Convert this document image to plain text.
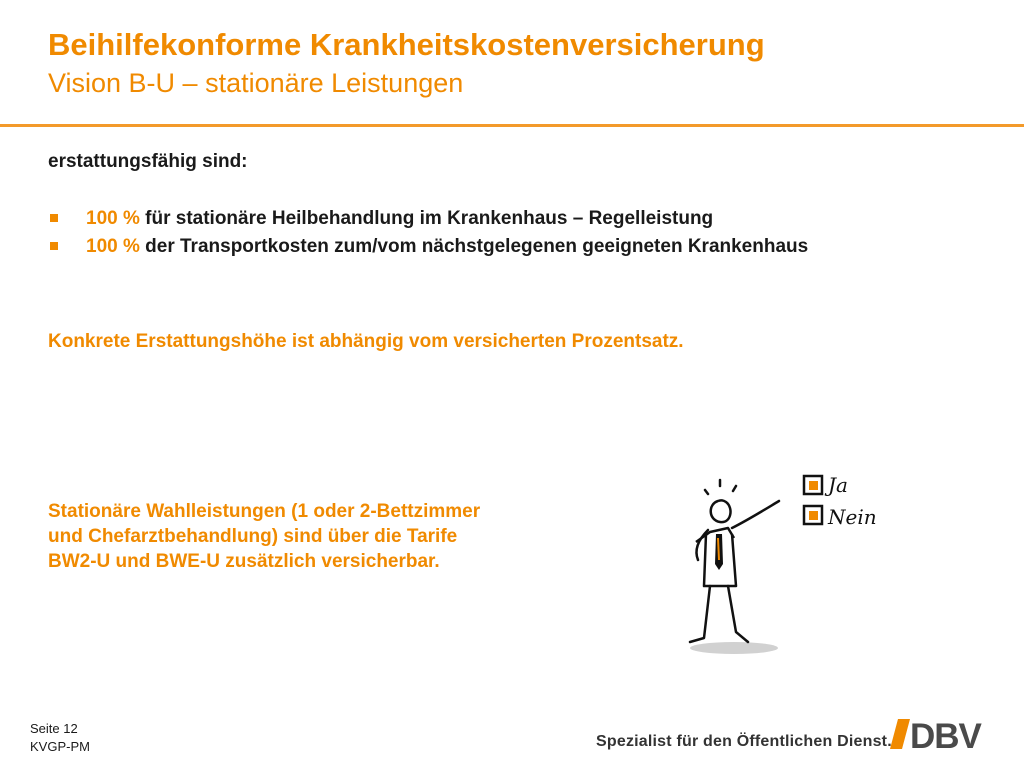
Beihilfekonforme Krankheitskostenversicherung
Vision B-U – stationäre Leistungen
erstattungsfähig sind:
100 % für stationäre Heilbehandlung im Krankenhaus – Regelleistung
100 % der Transportkosten zum/vom nächstgelegenen geeigneten Krankenhaus
Konkrete Erstattungshöhe ist abhängig vom versicherten Prozentsatz.
Stationäre Wahlleistungen (1 oder 2-Bettzimmer
und Chefarztbehandlung) sind über die Tarife
BW2-U und BWE-U zusätzlich versicherbar.
Ja
Nein
Seite 12
KVGP-PM	Spezialist für den Öffentlichen Dienst. DBV
